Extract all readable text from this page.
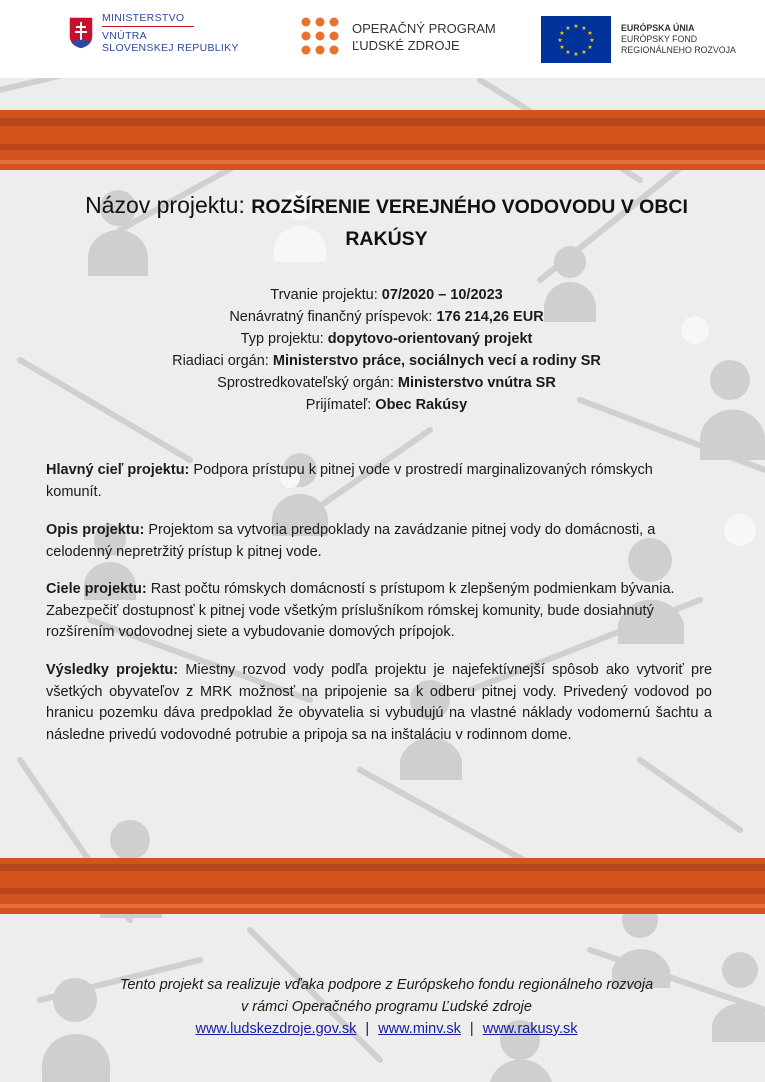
MINISTERSTVO
VNÚTRA
SLOVENSKEJ REPUBLIKY
OPERAČNÝ PROGRAM
ĽUDSKÉ ZDROJE
★ ★
★
★
★
★
★
★
★
★
★
★	EURÓPSKA ÚNIA
EURÓPSKY FOND
REGIONÁLNEHO ROZVOJA
Názov projektu: ROZŠÍRENIE VEREJNÉHO VODOVODU V OBCI
RAKÚSY
Trvanie projektu: 07/2020 – 10/2023
Nenávratný finančný príspevok: 176 214,26 EUR
Typ projektu: dopytovo-orientovaný projekt
Riadiaci orgán: Ministerstvo práce, sociálnych vecí a rodiny SR
Sprostredkovateľský orgán: Ministerstvo vnútra SR
Prijímateľ: Obec Rakúsy
Hlavný cieľ projektu: Podpora prístupu k pitnej vode v prostredí marginalizovaných rómskych komunít.
Opis projektu: Projektom sa vytvoria predpoklady na zavádzanie pitnej vody do domácnosti, a celodenný nepretržitý prístup k pitnej vode.
Ciele projektu: Rast počtu rómskych domácností s prístupom k zlepšeným podmienkam bývania. Zabezpečiť dostupnosť k pitnej vode všetkým príslušníkom rómskej komunity, bude dosiahnutý rozšírením vodovodnej siete a vybudovanie domových prípojok.
Výsledky projektu: Miestny rozvod vody podľa projektu je najefektívnejší spôsob ako vytvoriť pre všetkých obyvateľov z MRK možnosť na pripojenie sa k odberu pitnej vody. Privedený vodovod po hranicu pozemku dáva predpoklad že obyvatelia si vybudujú na vlastné náklady vodomernú šachtu a následne privedú vodovodné potrubie a pripoja sa na inštaláciu v rodinnom dome.
Tento projekt sa realizuje vďaka podpore z Európskeho fondu regionálneho rozvoja
v rámci Operačného programu Ľudské zdroje
www.ludskezdroje.gov.sk | www.minv.sk | www.rakusy.sk
